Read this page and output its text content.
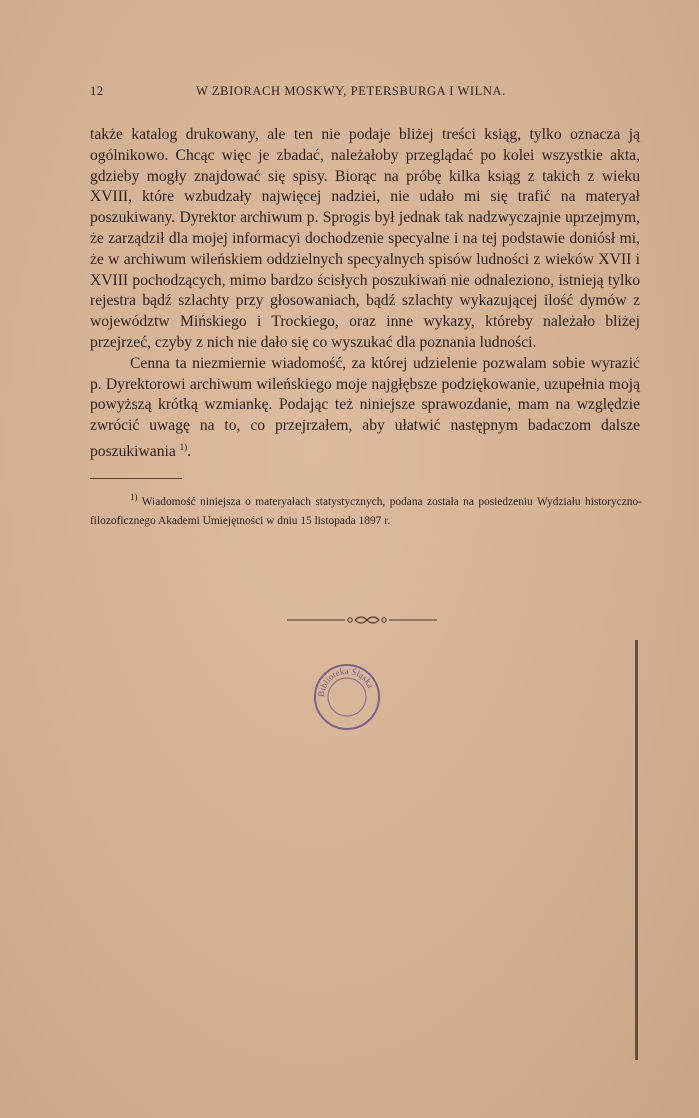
12	W ZBIORACH MOSKWY, PETERSBURGA I WILNA.

także katalog drukowany, ale ten nie podaje bliżej treści ksiąg, tylko oznacza ją ogólnikowo. Chcąc więc je zbadać, należałoby przeglądać po kolei wszystkie akta, gdzieby mogły znajdować się spisy. Biorąc na próbę kilka ksiąg z takich z wieku XVIII, które wzbudzały najwięcej nadziei, nie udało mi się trafić na materyał poszukiwany. Dyrektor archiwum p. Sprogis był jednak tak nadzwyczajnie uprzejmym, że zarządził dla mojej informacyi dochodzenie specyalne i na tej podstawie doniósł mi, że w archiwum wileńskiem oddzielnych specyalnych spisów ludności z wieków XVII i XVIII pochodzących, mimo bardzo ścisłych poszukiwań nie odnaleziono, istnieją tylko rejestra bądź szlachty przy głosowaniach, bądź szlachty wykazującej ilość dymów z województw Mińskiego i Trockiego, oraz inne wykazy, któreby należało bliżej przejrzeć, czyby z nich nie dało się co wyszukać dla poznania ludności.

Cenna ta niezmiernie wiadomość, za której udzielenie pozwalam sobie wyrazić p. Dyrektorowi archiwum wileńskiego moje najgłębsze podziękowanie, uzupełnia moją powyższą krótką wzmiankę. Podając też niniejsze sprawozdanie, mam na względzie zwrócić uwagę na to, co przejrzałem, aby ułatwić następnym badaczom dalsze poszukiwania $^{1)}$.

$^{1)}$ Wiadomość niniejsza o materyałach statystycznych, podana została na posiedzeniu Wydziału historyczno-filozoficznego Akademi Umiejętności w dniu 15 listopada 1897 r.
Biblioteka Śląska
